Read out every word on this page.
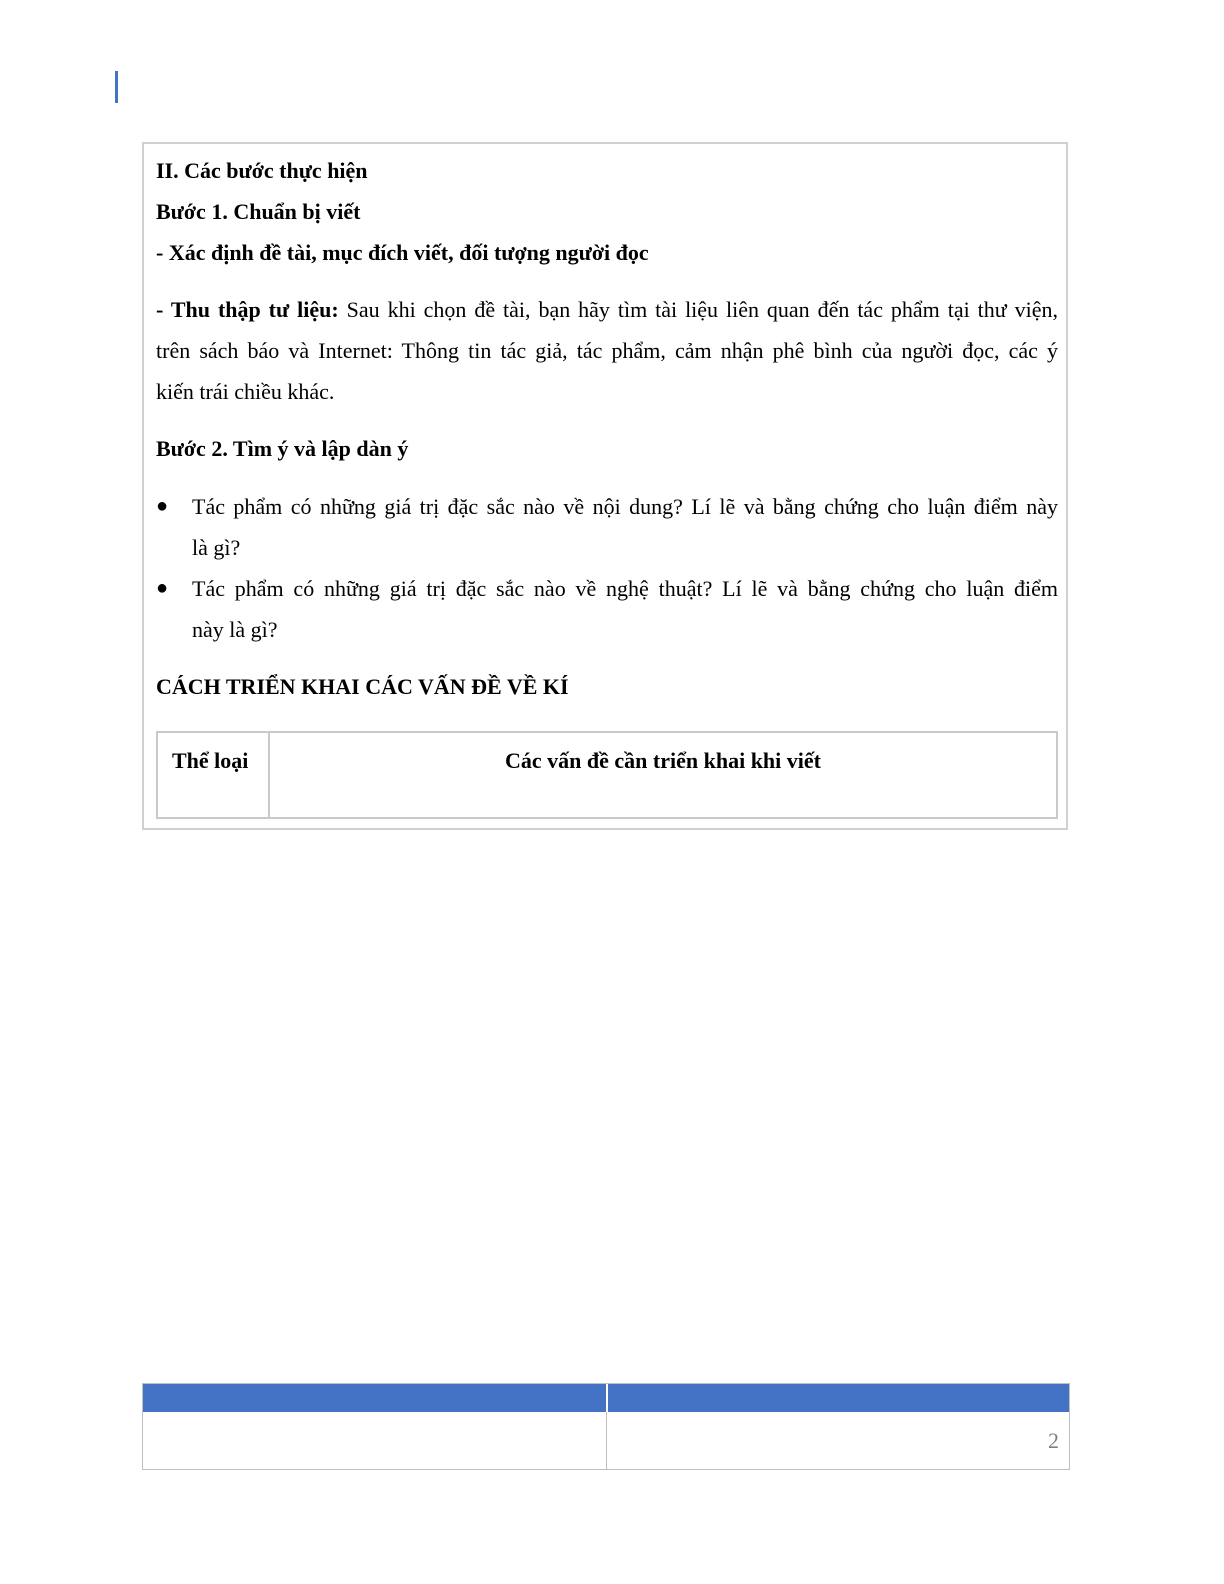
II. Các bước thực hiện
Bước 1. Chuẩn bị viết
- Xác định đề tài, mục đích viết, đối tượng người đọc
- Thu thập tư liệu: Sau khi chọn đề tài, bạn hãy tìm tài liệu liên quan đến tác phẩm tại thư viện,
trên sách báo và Internet: Thông tin tác giả, tác phẩm, cảm nhận phê bình của người đọc, các ý
kiến trái chiều khác.
Bước 2. Tìm ý và lập dàn ý
● Tác phẩm có những giá trị đặc sắc nào về nội dung? Lí lẽ và bằng chứng cho luận điểm này
là gì?
● Tác phẩm có những giá trị đặc sắc nào về nghệ thuật? Lí lẽ và bằng chứng cho luận điểm
này là gì?
CÁCH TRIỂN KHAI CÁC VẤN ĐỀ VỀ KÍ
Thể loại	Các vấn đề cần triển khai khi viết
2
